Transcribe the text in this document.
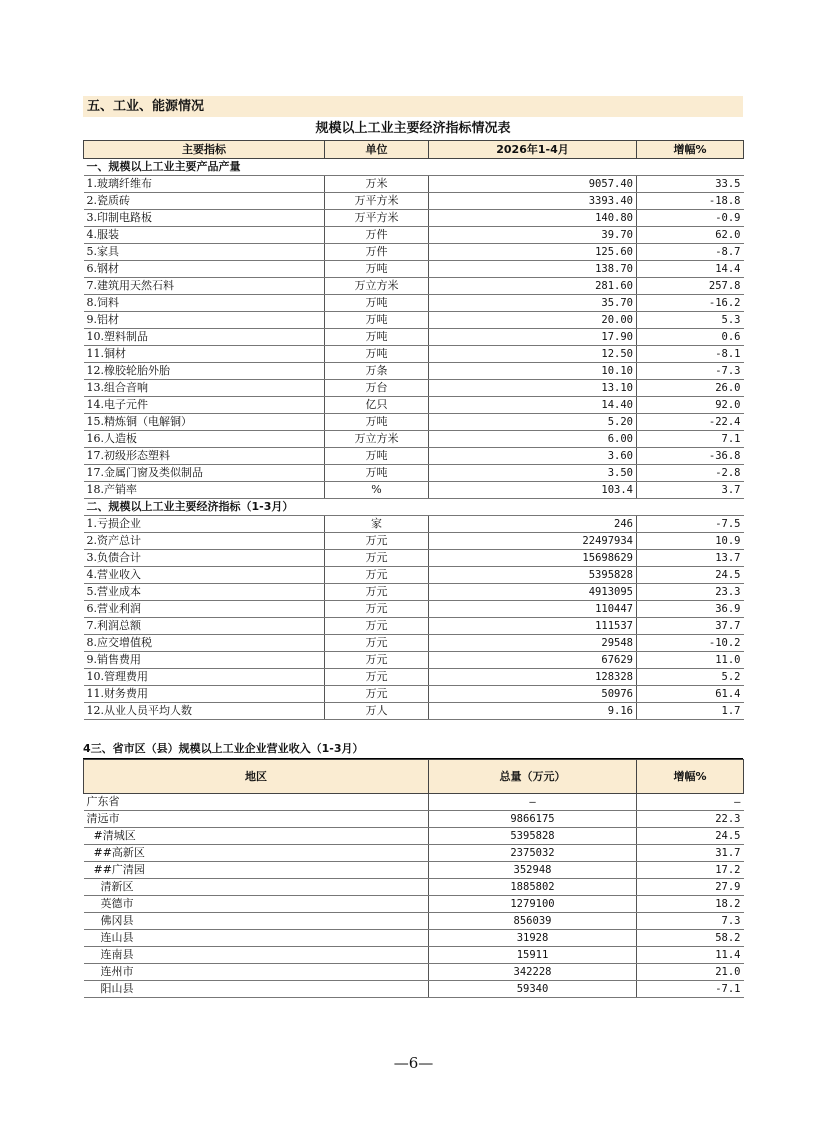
五、工业、能源情况
规模以上工业主要经济指标情况表
主要指标	单位	2026年1-4月	增幅%
一、规模以上工业主要产品产量			
1.玻璃纤维布	万米	9057.40	33.5
2.瓷质砖	万平方米	3393.40	-18.8
3.印制电路板	万平方米	140.80	-0.9
4.服装	万件	39.70	62.0
5.家具	万件	125.60	-8.7
6.钢材	万吨	138.70	14.4
7.建筑用天然石料	万立方米	281.60	257.8
8.饲料	万吨	35.70	-16.2
9.铝材	万吨	20.00	5.3
10.塑料制品	万吨	17.90	0.6
11.铜材	万吨	12.50	-8.1
12.橡胶轮胎外胎	万条	10.10	-7.3
13.组合音响	万台	13.10	26.0
14.电子元件	亿只	14.40	92.0
15.精炼铜（电解铜）	万吨	5.20	-22.4
16.人造板	万立方米	6.00	7.1
17.初级形态塑料	万吨	3.60	-36.8
17.金属门窗及类似制品	万吨	3.50	-2.8
18.产销率	%	103.4	3.7
二、规模以上工业主要经济指标（1-3月）			
1.亏损企业	家	246	-7.5
2.资产总计	万元	22497934	10.9
3.负债合计	万元	15698629	13.7
4.营业收入	万元	5395828	24.5
5.营业成本	万元	4913095	23.3
6.营业利润	万元	110447	36.9
7.利润总额	万元	111537	37.7
8.应交增值税	万元	29548	-10.2
9.销售费用	万元	67629	11.0
10.管理费用	万元	128328	5.2
11.财务费用	万元	50976	61.4
12.从业人员平均人数	万人	9.16	1.7
4三、省市区（县）规模以上工业企业营业收入（1-3月）
地区	总量（万元）	增幅%
广东省	—	—
清远市	9866175	22.3
#清城区	5395828	24.5
##高新区	2375032	31.7
##广清园	352948	17.2
清新区	1885802	27.9
英德市	1279100	18.2
佛冈县	856039	7.3
连山县	31928	58.2
连南县	15911	11.4
连州市	342228	21.0
阳山县	59340	-7.1
—6—
